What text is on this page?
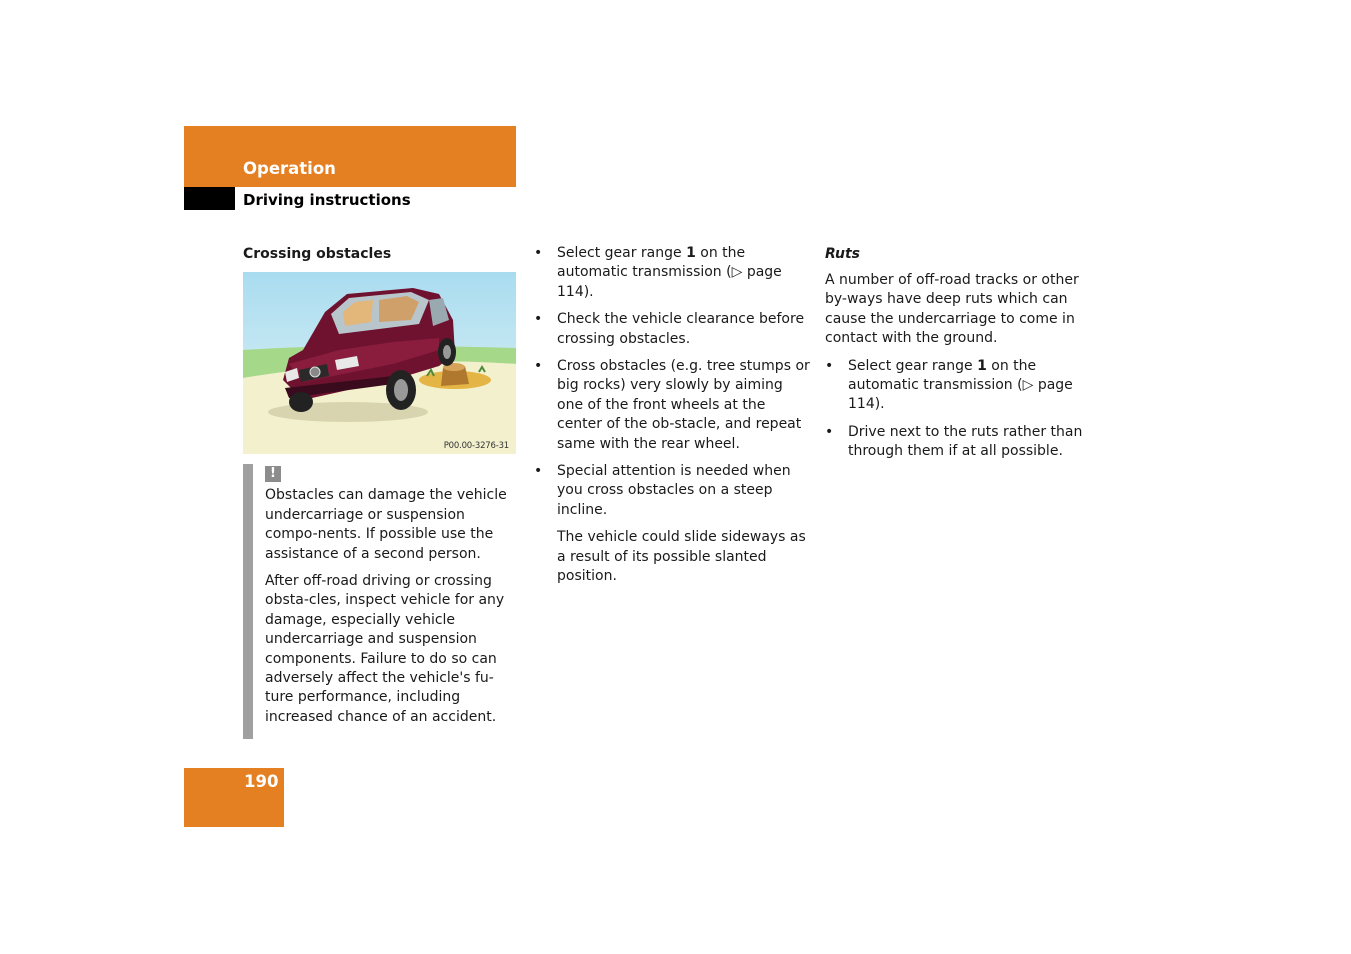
Operation
Driving instructions
Crossing obstacles
P00.00-3276-31
!

Obstacles can damage the vehicle undercarriage or suspension compo-nents. If possible use the assistance of a second person.

After off-road driving or crossing obsta-cles, inspect vehicle for any damage, especially vehicle undercarriage and suspension components. Failure to do so can adversely affect the vehicle's fu-ture performance, including increased chance of an accident.

• Select gear range 1 on the automatic transmission (▷ page 114).
• Check the vehicle clearance before crossing obstacles.
• Cross obstacles (e.g. tree stumps or big rocks) very slowly by aiming one of the front wheels at the center of the ob-stacle, and repeat same with the rear wheel.
• Special attention is needed when you cross obstacles on a steep incline.

The vehicle could slide sideways as a result of its possible slanted position.

Ruts

A number of off-road tracks or other by-ways have deep ruts which can cause the undercarriage to come in contact with the ground.

• Select gear range 1 on the automatic transmission (▷ page 114).
• Drive next to the ruts rather than through them if at all possible.
190
